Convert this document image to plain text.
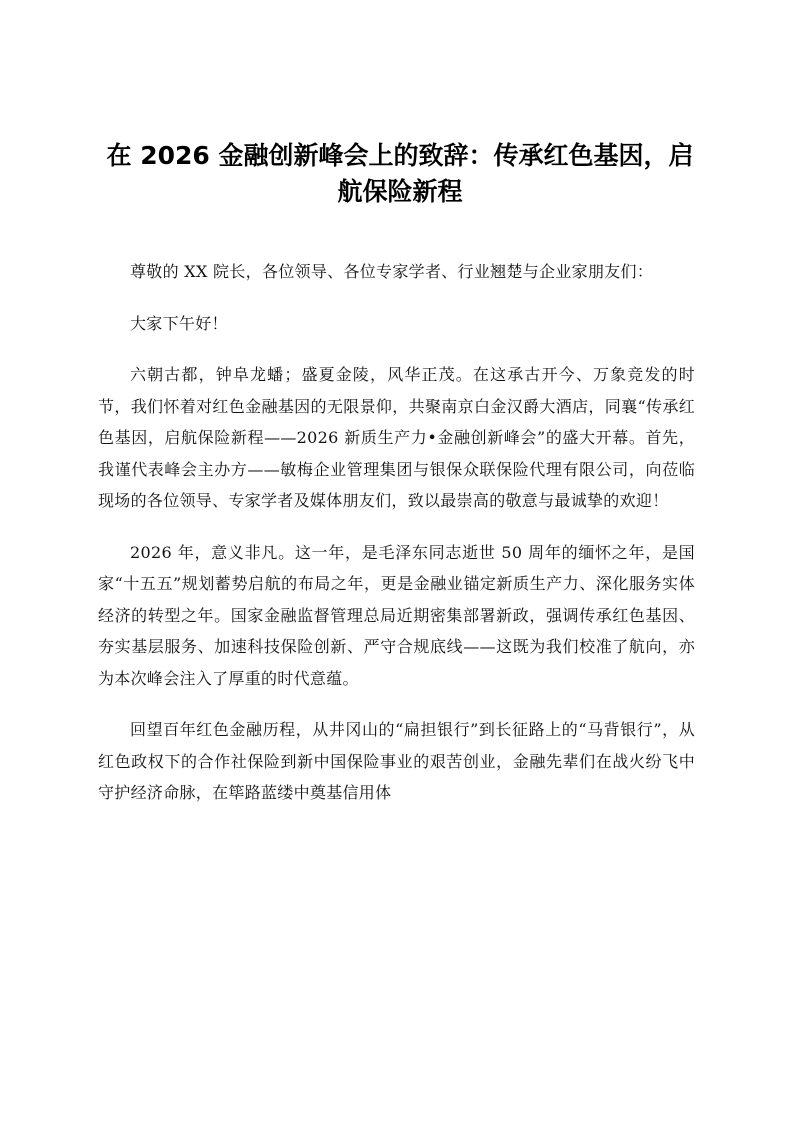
在 2026 金融创新峰会上的致辞：传承红色基因，启航保险新程

尊敬的 XX 院长，各位领导、各位专家学者、行业翘楚与企业家朋友们：

大家下午好！

六朝古都，钟阜龙蟠；盛夏金陵，风华正茂。在这承古开今、万象竞发的时节，我们怀着对红色金融基因的无限景仰，共聚南京白金汉爵大酒店，同襄“传承红色基因，启航保险新程——2026 新质生产力•金融创新峰会”的盛大开幕。首先，我谨代表峰会主办方——敏梅企业管理集团与银保众联保险代理有限公司，向莅临现场的各位领导、专家学者及媒体朋友们，致以最崇高的敬意与最诚挚的欢迎！

2026 年，意义非凡。这一年，是毛泽东同志逝世 50 周年的缅怀之年，是国家“十五五”规划蓄势启航的布局之年，更是金融业锚定新质生产力、深化服务实体经济的转型之年。国家金融监督管理总局近期密集部署新政，强调传承红色基因、夯实基层服务、加速科技保险创新、严守合规底线——这既为我们校准了航向，亦为本次峰会注入了厚重的时代意蕴。

回望百年红色金融历程，从井冈山的“扁担银行”到长征路上的“马背银行”，从红色政权下的合作社保险到新中国保险事业的艰苦创业，金融先辈们在战火纷飞中守护经济命脉，在筚路蓝缕中奠基信用体
